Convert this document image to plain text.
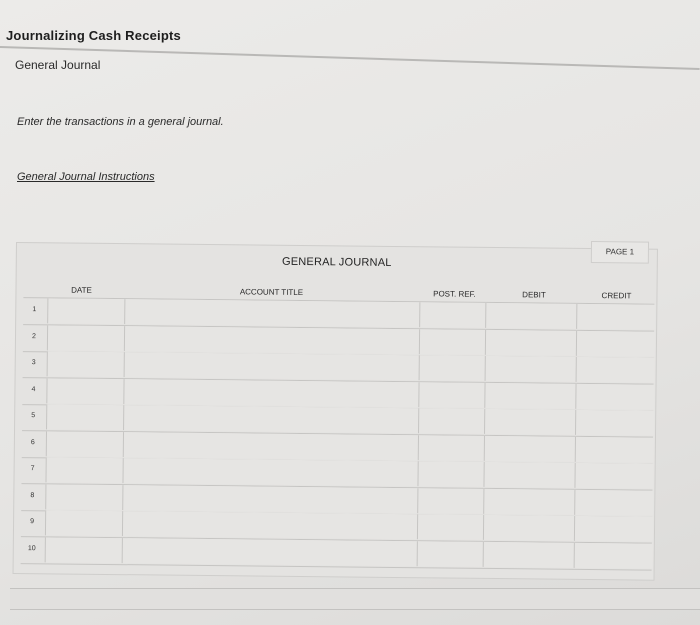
Journalizing Cash Receipts
General Journal
Enter the transactions in a general journal.
General Journal Instructions
PAGE 1
GENERAL JOURNAL
DATE	ACCOUNT TITLE	POST. REF.	DEBIT	CREDIT
1
2
3
4
5
6
7
8
9
10
